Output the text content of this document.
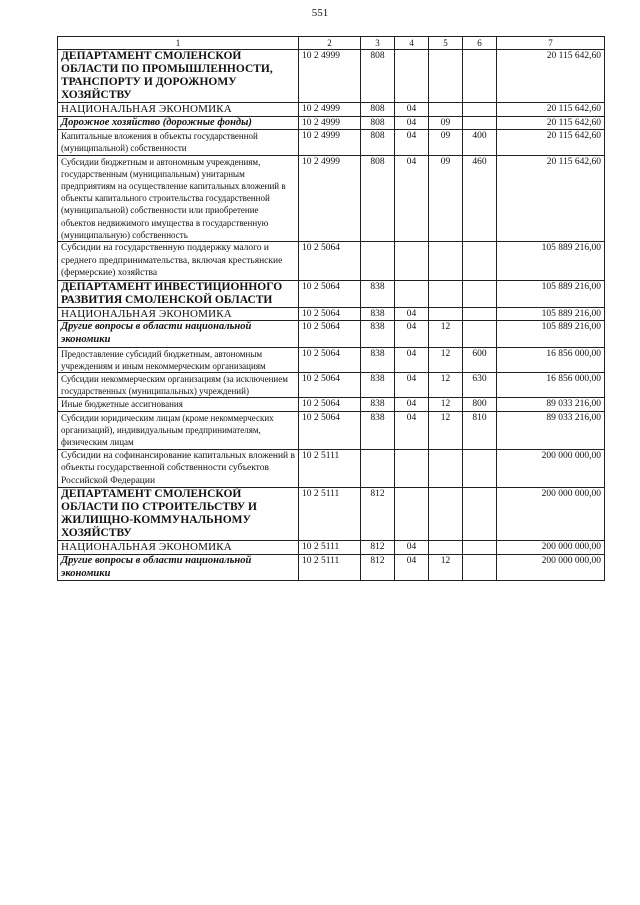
551
1	2	3	4	5	6	7
ДЕПАРТАМЕНТ СМОЛЕНСКОЙ ОБЛАСТИ ПО ПРОМЫШЛЕННОСТИ, ТРАНСПОРТУ И ДОРОЖНОМУ ХОЗЯЙСТВУ	10 2 4999	808				20 115 642,60
НАЦИОНАЛЬНАЯ ЭКОНОМИКА	10 2 4999	808	04			20 115 642,60
Дорожное хозяйство (дорожные фонды)	10 2 4999	808	04	09		20 115 642,60
Капитальные вложения в объекты государственной (муниципальной) собственности	10 2 4999	808	04	09	400	20 115 642,60
Субсидии бюджетным и автономным учреждениям, государственным (муниципальным) унитарным предприятиям на осуществление капитальных вложений в объекты капитального строительства государственной (муниципальной) собственности или приобретение объектов недвижимого имущества в государственную (муниципальную) собственность	10 2 4999	808	04	09	460	20 115 642,60
Субсидии на государственную поддержку малого и среднего предпринимательства, включая крестьянские (фермерские) хозяйства	10 2 5064					105 889 216,00
ДЕПАРТАМЕНТ ИНВЕСТИЦИОННОГО РАЗВИТИЯ СМОЛЕНСКОЙ ОБЛАСТИ	10 2 5064	838				105 889 216,00
НАЦИОНАЛЬНАЯ ЭКОНОМИКА	10 2 5064	838	04			105 889 216,00
Другие вопросы в области национальной экономики	10 2 5064	838	04	12		105 889 216,00
Предоставление субсидий бюджетным, автономным учреждениям и иным некоммерческим организациям	10 2 5064	838	04	12	600	16 856 000,00
Субсидии некоммерческим организациям (за исключением государственных (муниципальных) учреждений)	10 2 5064	838	04	12	630	16 856 000,00
Иные бюджетные ассигнования	10 2 5064	838	04	12	800	89 033 216,00
Субсидии юридическим лицам (кроме некоммерческих организаций), индивидуальным предпринимателям, физическим лицам	10 2 5064	838	04	12	810	89 033 216,00
Субсидии на софинансирование капитальных вложений в объекты государственной собственности субъектов Российской Федерации	10 2 5111					200 000 000,00
ДЕПАРТАМЕНТ СМОЛЕНСКОЙ ОБЛАСТИ ПО СТРОИТЕЛЬСТВУ И ЖИЛИЩНО-КОММУНАЛЬНОМУ ХОЗЯЙСТВУ	10 2 5111	812				200 000 000,00
НАЦИОНАЛЬНАЯ ЭКОНОМИКА	10 2 5111	812	04			200 000 000,00
Другие вопросы в области национальной экономики	10 2 5111	812	04	12		200 000 000,00
